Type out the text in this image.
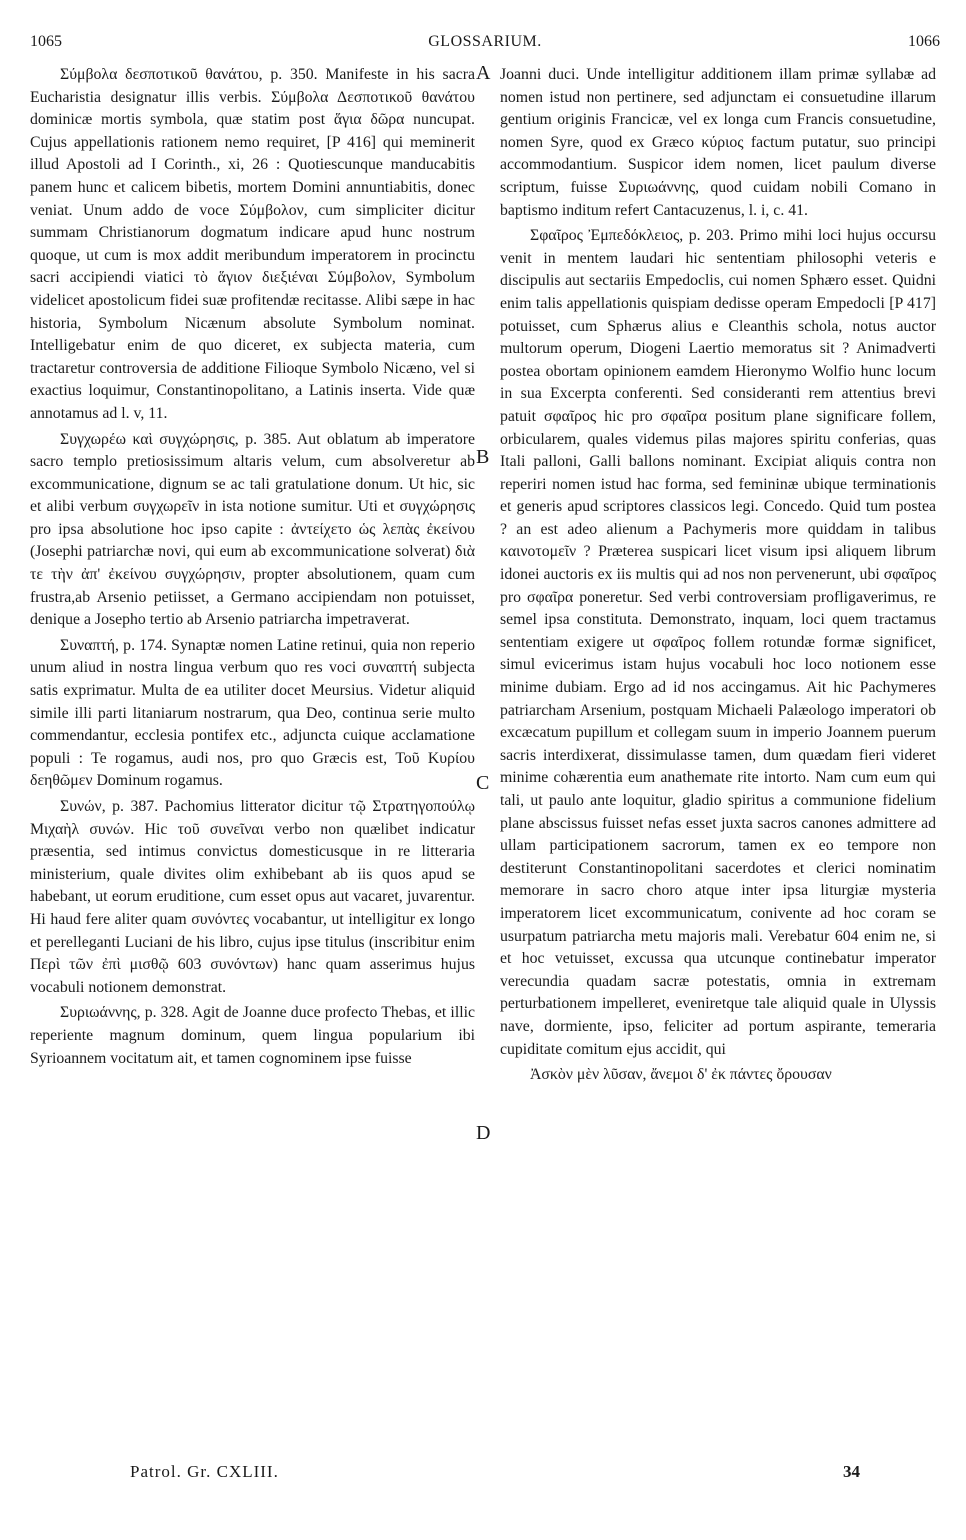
1065	GLOSSARIUM.	1066

Σύμβολα δεσποτικοῦ θανάτου, p. 350. Manifeste in his sacra Eucharistia designatur illis verbis. Σύμβολα Δεσποτικοῦ θανάτου dominicæ mortis symbola, quæ statim post ἅγια δῶρα nuncupat. Cujus appellationis rationem nemo requiret, [P 416] qui meminerit illud Apostoli ad I Corinth., xi, 26 : Quotiescunque manducabitis panem hunc et calicem bibetis, mortem Domini annuntiabitis, donec veniat. Unum addo de voce Σύμβολον, cum simpliciter dicitur summam Christianorum dogmatum indicare apud hunc nostrum quoque, ut cum is mox addit meribundum imperatorem in procinctu sacri accipiendi viatici τὸ ἅγιον διεξιέναι Σύμβολον, Symbolum videlicet apostolicum fidei suæ profitendæ recitasse. Alibi sæpe in hac historia, Symbolum Nicænum absolute Symbolum nominat. Intelligebatur enim de quo diceret, ex subjecta materia, cum tractaretur controversia de additione Filioque Symbolo Nicæno, vel si exactius loquimur, Constantinopolitano, a Latinis inserta. Vide quæ annotamus ad l. v, 11.

Συγχωρέω καὶ συγχώρησις, p. 385. Aut oblatum ab imperatore sacro templo pretiosissimum altaris velum, cum absolveretur ab excommunicatione, dignum se ac tali gratulatione donum. Ut hic, sic et alibi verbum συγχωρεῖν in ista notione sumitur. Uti et συγχώρησις pro ipsa absolutione hoc ipso capite : ἀντείχετο ὡς λεπὰς ἐκείνου (Josephi patriarchæ novi, qui eum ab excommunicatione solverat) διὰ τε τὴν ἀπ' ἐκείνου συγχώρησιν, propter absolutionem, quam cum frustra,ab Arsenio petiisset, a Germano accipiendam non potuisset, denique a Josepho tertio ab Arsenio patriarcha impetraverat.

Συναπτή, p. 174. Synaptæ nomen Latine retinui, quia non reperio unum aliud in nostra lingua verbum quo res voci συναπτή subjecta satis exprimatur. Multa de ea utiliter docet Meursius. Videtur aliquid simile illi parti litaniarum nostrarum, qua Deo, continua serie multo commendantur, ecclesia pontifex etc., adjuncta cuique acclamatione populi : Te rogamus, audi nos, pro quo Græcis est, Τοῦ Κυρίου δεηθῶμεν Dominum rogamus.

Συνών, p. 387. Pachomius litterator dicitur τῷ Στρατηγοπούλῳ Μιχαὴλ συνών. Hic τοῦ συνεῖναι verbo non quælibet indicatur præsentia, sed intimus convictus domesticusque in re litteraria ministerium, quale divites olim exhibebant ab iis quos apud se habebant, ut eorum eruditione, cum esset opus aut vacaret, juvarentur. Hi haud fere aliter quam συνόντες vocabantur, ut intelligitur ex longo et perelleganti Luciani de his libro, cujus ipse titulus (inscribitur enim Περὶ τῶν ἐπὶ μισθῷ 603 συνόντων) hanc quam asserimus hujus vocabuli notionem demonstrat.

Συριωάννης, p. 328. Agit de Joanne duce profecto Thebas, et illic reperiente magnum dominum, quem lingua popularium ibi Syrioannem vocitatum ait, et tamen cognominem ipse fuisse

A
B
C
D

Joanni duci. Unde intelligitur additionem illam primæ syllabæ ad nomen istud non pertinere, sed adjunctam ei consuetudine illarum gentium originis Francicæ, vel ex longa cum Francis consuetudine, nomen Syre, quod ex Græco κύριος factum putatur, suo principi accommodantium. Suspicor idem nomen, licet paulum diverse scriptum, fuisse Συριωάννης, quod cuidam nobili Comano in baptismo inditum refert Cantacuzenus, l. i, c. 41.

Σφαῖρος Ἐμπεδόκλειος, p. 203. Primo mihi loci hujus occursu venit in mentem laudari hic sententiam philosophi veteris e discipulis aut sectariis Empedoclis, cui nomen Sphæro esset. Quidni enim talis appellationis quispiam dedisse operam Empedocli [P 417] potuisset, cum Sphærus alius e Cleanthis schola, notus auctor multorum operum, Diogeni Laertio memoratus sit ? Animadverti postea obortam opinionem eamdem Hieronymo Wolfio hunc locum in sua Excerpta conferenti. Sed consideranti rem attentius brevi patuit σφαῖρος hic pro σφαῖρα positum plane significare follem, orbicularem, quales videmus pilas majores spiritu conferias, quas Itali palloni, Galli ballons nominant. Excipiat aliquis contra non reperiri nomen istud hac forma, sed femininæ ubique terminationis et generis apud scriptores classicos legi. Concedo. Quid tum postea ? an est adeo alienum a Pachymeris more quiddam in talibus καινοτομεῖν ? Præterea suspicari licet visum ipsi aliquem librum idonei auctoris ex iis multis qui ad nos non pervenerunt, ubi σφαῖρος pro σφαῖρα poneretur. Sed verbi controversiam profligaverimus, re semel ipsa constituta. Demonstrato, inquam, loci quem tractamus sententiam exigere ut σφαῖρος follem rotundæ formæ significet, simul evicerimus istam hujus vocabuli hoc loco notionem esse minime dubiam. Ergo ad id nos accingamus. Ait hic Pachymeres patriarcham Arsenium, postquam Michaeli Palæologo imperatori ob excæcatum pupillum et collegam suum in imperio Joannem puerum sacris interdixerat, dissimulasse tamen, dum quædam fieri videret minime cohærentia eum anathemate rite intorto. Nam cum eum qui tali, ut paulo ante loquitur, gladio spiritus a communione fidelium plane abscissus fuisset nefas esset juxta sacros canones admittere ad ullam participationem sacrorum, tamen ex eo tempore non destiterunt Constantinopolitani sacerdotes et clerici nominatim memorare in sacro choro atque inter ipsa liturgiæ mysteria imperatorem licet excommunicatum, conivente ad hoc coram se usurpatum patriarcha metu majoris mali. Verebatur 604 enim ne, si et hoc vetuisset, excussa qua utcunque continebatur imperator verecundia quadam sacræ potestatis, omnia in extremam perturbationem impelleret, eveniretque tale aliquid quale in Ulyssis nave, dormiente, ipso, feliciter ad portum aspirante, temeraria cupiditate comitum ejus accidit, qui

Ἀσκὸν μὲν λῦσαν, ἄνεμοι δ' ἐκ πάντες ὄρουσαν

Patrol. Gr. CXLIII.	34
